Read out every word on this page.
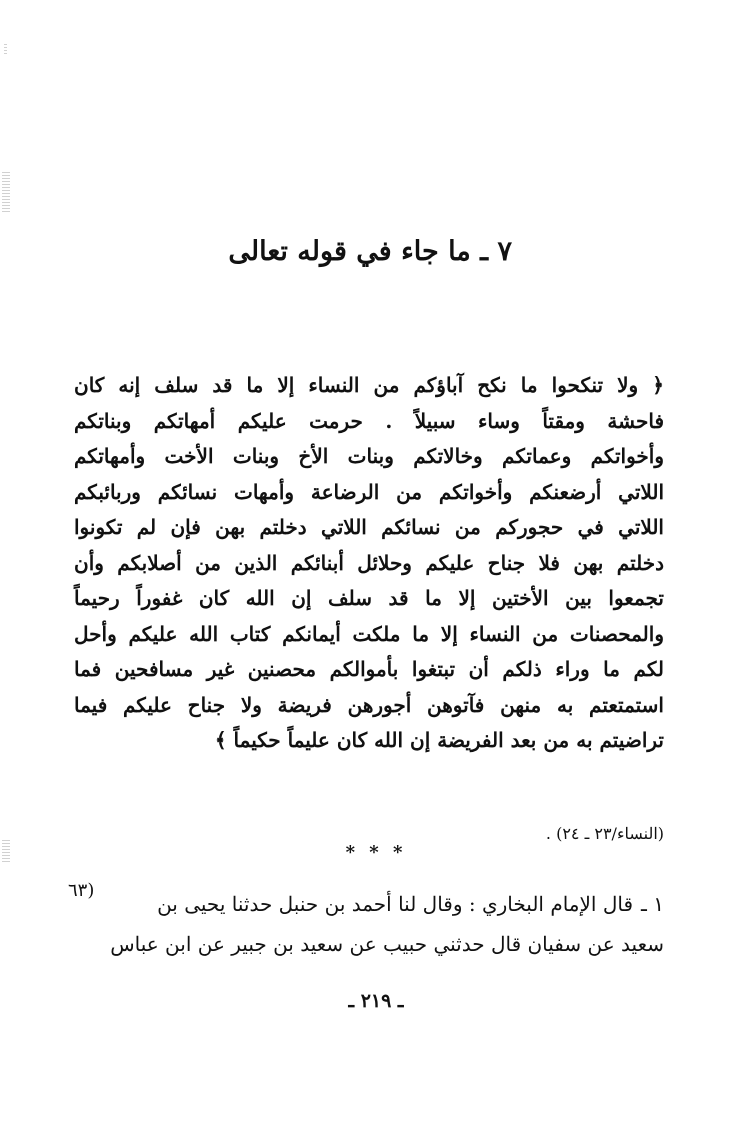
٧ ـ ما جاء في قوله تعالى
﴿ ولا تنكحوا ما نكح آباؤكم من النساء إلا ما قد سلف إنه كان
فاحشة ومقتاً وساء سبيلاً . حرمت عليكم أمهاتكم وبناتكم
وأخواتكم وعماتكم وخالاتكم وبنات الأخ وبنات الأخت وأمهاتكم
اللاتي أرضعنكم وأخواتكم من الرضاعة وأمهات نسائكم وربائبكم
اللاتي في حجوركم من نسائكم اللاتي دخلتم بهن فإن لم تكونوا
دخلتم بهن فلا جناح عليكم وحلائل أبنائكم الذين من أصلابكم وأن
تجمعوا بين الأختين إلا ما قد سلف إن الله كان غفوراً رحيماً
والمحصنات من النساء إلا ما ملكت أيمانكم كتاب الله عليكم وأحل
لكم ما وراء ذلكم أن تبتغوا بأموالكم محصنين غير مسافحين فما
استمتعتم به منهن فآتوهن أجورهن فريضة ولا جناح عليكم فيما
تراضيتم به من بعد الفريضة إن الله كان عليماً حكيماً ﴾
(النساء/٢٣ ـ ٢٤) .
* * *
(٦٣
١ ـقال الإمام البخاري : وقال لنا أحمد بن حنبل حدثنا يحيى بن
سعيد عن سفيان قال حدثني حبيب عن سعيد بن جبير عن ابن عباس
ـ ٢١٩ ـ
